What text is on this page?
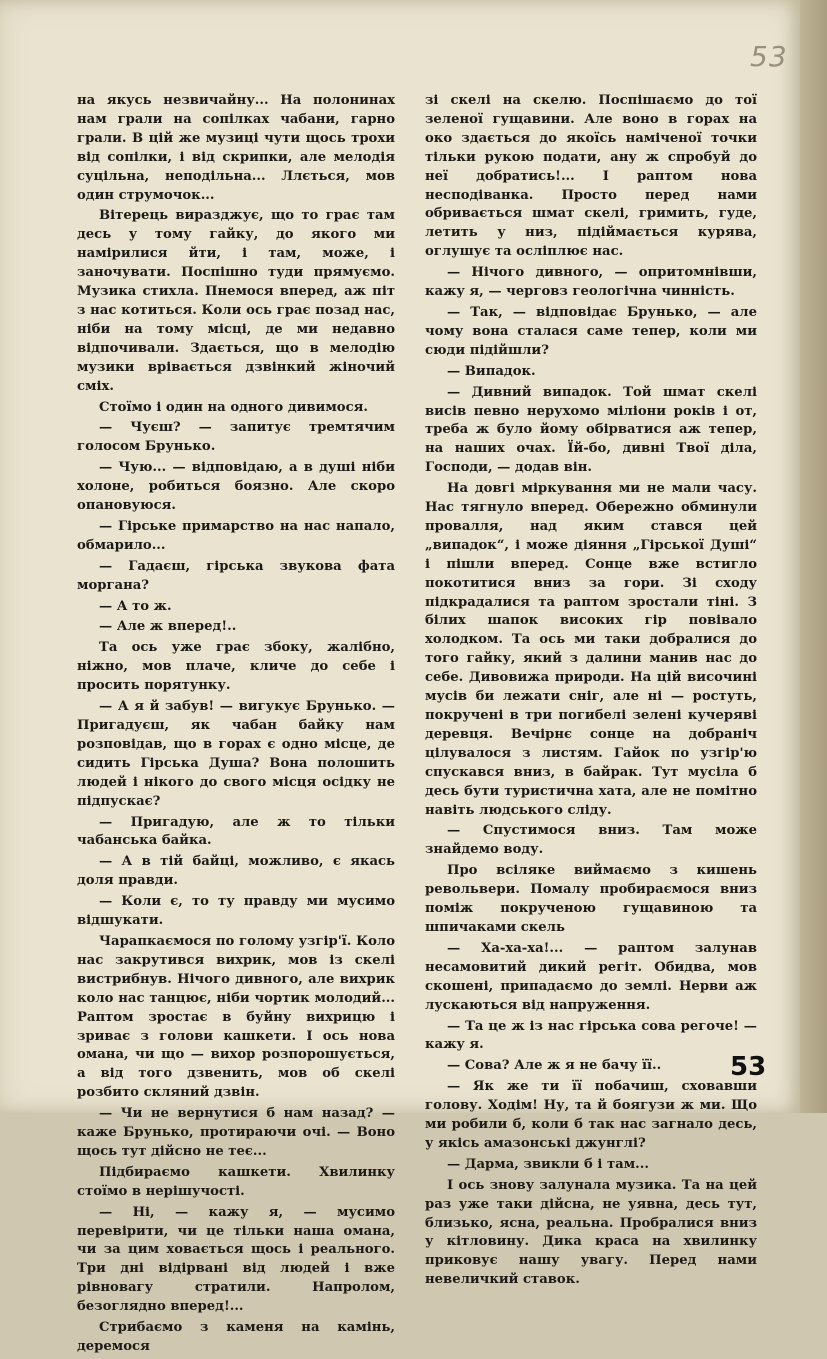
53

на якусь незвичайну... На полонинах нам грали на сопілках чабани, гарно грали. В цій же музиці чути щось трохи від сопілки, і від скрипки, але мелодія суцільна, неподільна... Ллється, мов один струмочок...

Вітерець виразджує, що то грає там десь у тому гайку, до якого ми намірилися йти, і там, може, і заночувати. Поспішно туди прямуємо. Музика стихла. Пнемося вперед, аж піт з нас котиться. Коли ось грає позад нас, ніби на тому місці, де ми недавно відпочивали. Здається, що в мелодію музики врівається дзвінкий жіночий сміх.

Стоїмо і один на одного дивимося.

— Чуєш? — запитує тремтячим голосом Брунько.

— Чую... — відповідаю, а в душі ніби холоне, робиться боязно. Але скоро опановуюся.

— Гірське примарство на нас напало, обмарило...

— Гадаєш, гірська звукова фата моргана?

— А то ж.

— Але ж вперед!..

Та ось уже грає збоку, жалібно, ніжно, мов плаче, кличе до себе і просить порятунку.

— А я й забув! — вигукує Брунько. — Пригадуєш, як чабан байку нам розповідав, що в горах є одно місце, де сидить Гірська Душа? Вона полошить людей і нікого до свого місця осідку не підпускає?

— Пригадую, але ж то тільки чабанська байка.

— А в тій байці, можливо, є якась доля правди.

— Коли є, то ту правду ми мусимо відшукати.

Чарапкаємося по голому узгір'ї. Коло нас закрутився вихрик, мов із скелі вистрибнув. Нічого дивного, але вихрик коло нас танцює, ніби чортик молодий... Раптом зростає в буйну вихрицю і зриває з голови кашкети. І ось нова омана, чи що — вихор розпорошується, а від того дзвенить, мов об скелі розбито скляний дзвін.

— Чи не вернутися б нам назад? — каже Брунько, протираючи очі. — Воно щось тут дійсно не теє...

Підбираємо кашкети. Хвилинку стоїмо в нерішучості.

— Ні, — кажу я, — мусимо перевірити, чи це тільки наша омана, чи за цим ховається щось і реального. Три дні відірвані від людей і вже рівновагу стратили. Напролом, безоглядно вперед!...

Стрибаємо з каменя на камінь, деремося

зі скелі на скелю. Поспішаємо до тої зеленої гущавини. Але воно в горах на око здається до якоїсь наміченої точки тільки рукою подати, ану ж спробуй до неї добратись!... І раптом нова несподіванка. Просто перед нами обривається шмат скелі, гримить, гуде, летить у низ, підіймається курява, оглушує та осліплює нас.

— Нічого дивного, — опритомнівши, кажу я, — черговз геологічна чинність.

— Так, — відповідає Брунько, — але чому вона сталася саме тепер, коли ми сюди підійшли?

— Випадок.

— Дивний випадок. Той шмат скелі висів певно нерухомо міліони років і от, треба ж було йому обірватися аж тепер, на наших очах. Їй-бо, дивні Твої діла, Господи, — додав він.

На довгі міркування ми не мали часу. Нас тягнуло вперед. Обережно обминули провалля, над яким стався цей „випадок“, і може діяння „Гірської Душі“ і пішли вперед. Сонце вже встигло покотитися вниз за гори. Зі сходу підкрадалися та раптом зростали тіні. З білих шапок високих гір повівало холодком. Та ось ми таки добралися до того гайку, який з далини манив нас до себе. Дивовижа природи. На цій височині мусів би лежати сніг, але ні — ростуть, покручені в три погибелі зелені кучеряві деревця. Вечірнє сонце на добраніч цілувалося з листям. Гайок по узгір'ю спускався вниз, в байрак. Тут мусіла б десь бути туристична хата, але не помітно навіть людського сліду.

— Спустимося вниз. Там може знайдемо воду.

Про всіляке виймаємо з кишень револьвери. Помалу пробираємося вниз поміж покрученою гущавиною та шпичаками скель

— Ха-ха-ха!... — раптом залунав несамовитий дикий регіт. Обидва, мов скошені, припадаємо до землі. Нерви аж лускаються від напруження.

— Та це ж із нас гірська сова регоче! — кажу я.

— Сова? Але ж я не бачу її..

— Як же ти її побачиш, сховавши голову. Ходім! Ну, та й боягузи ж ми. Що ми робили б, коли б так нас загнало десь, у якісь амазонські джунглі?

— Дарма, звикли б і там...

І ось знову залунала музика. Та на цей раз уже таки дійсна, не уявна, десь тут, близько, ясна, реальна. Пробралися вниз у кітловину. Дика краса на хвилинку приковує нашу увагу. Перед нами невеличкий ставок.

53
